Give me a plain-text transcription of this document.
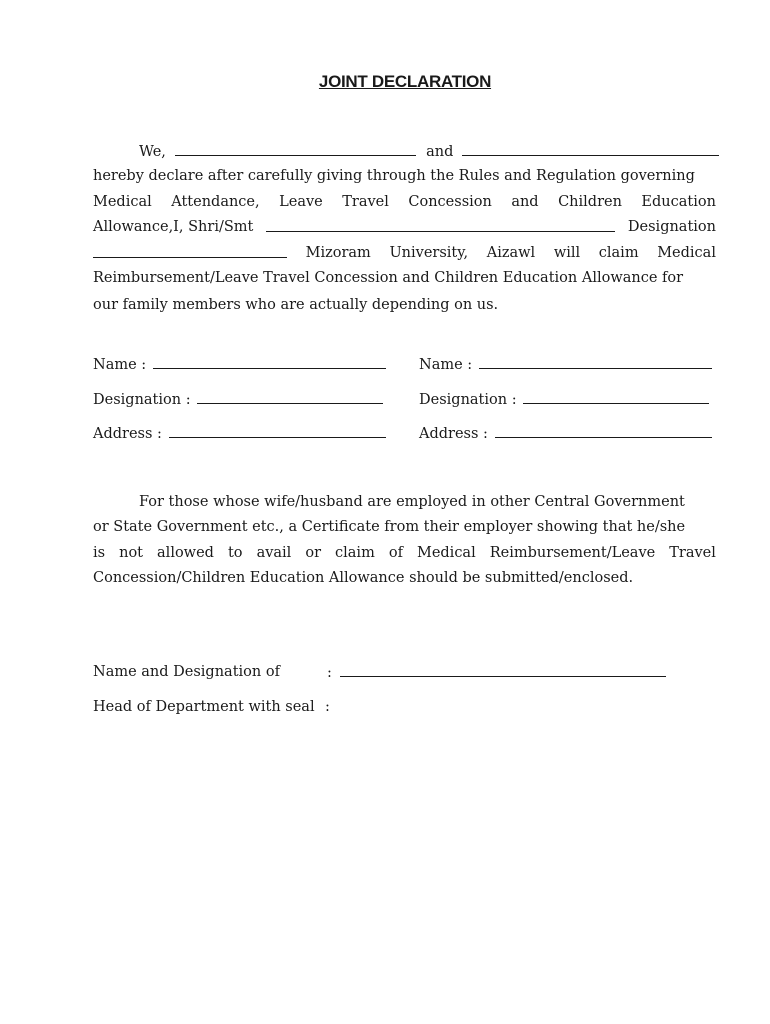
JOINT DECLARATION
We,	and
hereby declare after carefully giving through the Rules and Regulation governing
Medical Attendance, Leave Travel Concession and Children Education
Allowance,I, Shri/Smt	Designation
Mizoram University, Aizawl will claim Medical
Reimbursement/Leave Travel Concession and Children Education Allowance for
our family members who are actually depending on us.
Name :
Designation :
Address :
Name :
Designation :
Address :
For those whose wife/husband are employed in other Central Government
or State Government etc., a Certificate from their employer showing that he/she
is not allowed to avail or claim of Medical Reimbursement/Leave Travel
Concession/Children Education Allowance should be submitted/enclosed.
Name and Designation of	:
Head of Department with seal :
